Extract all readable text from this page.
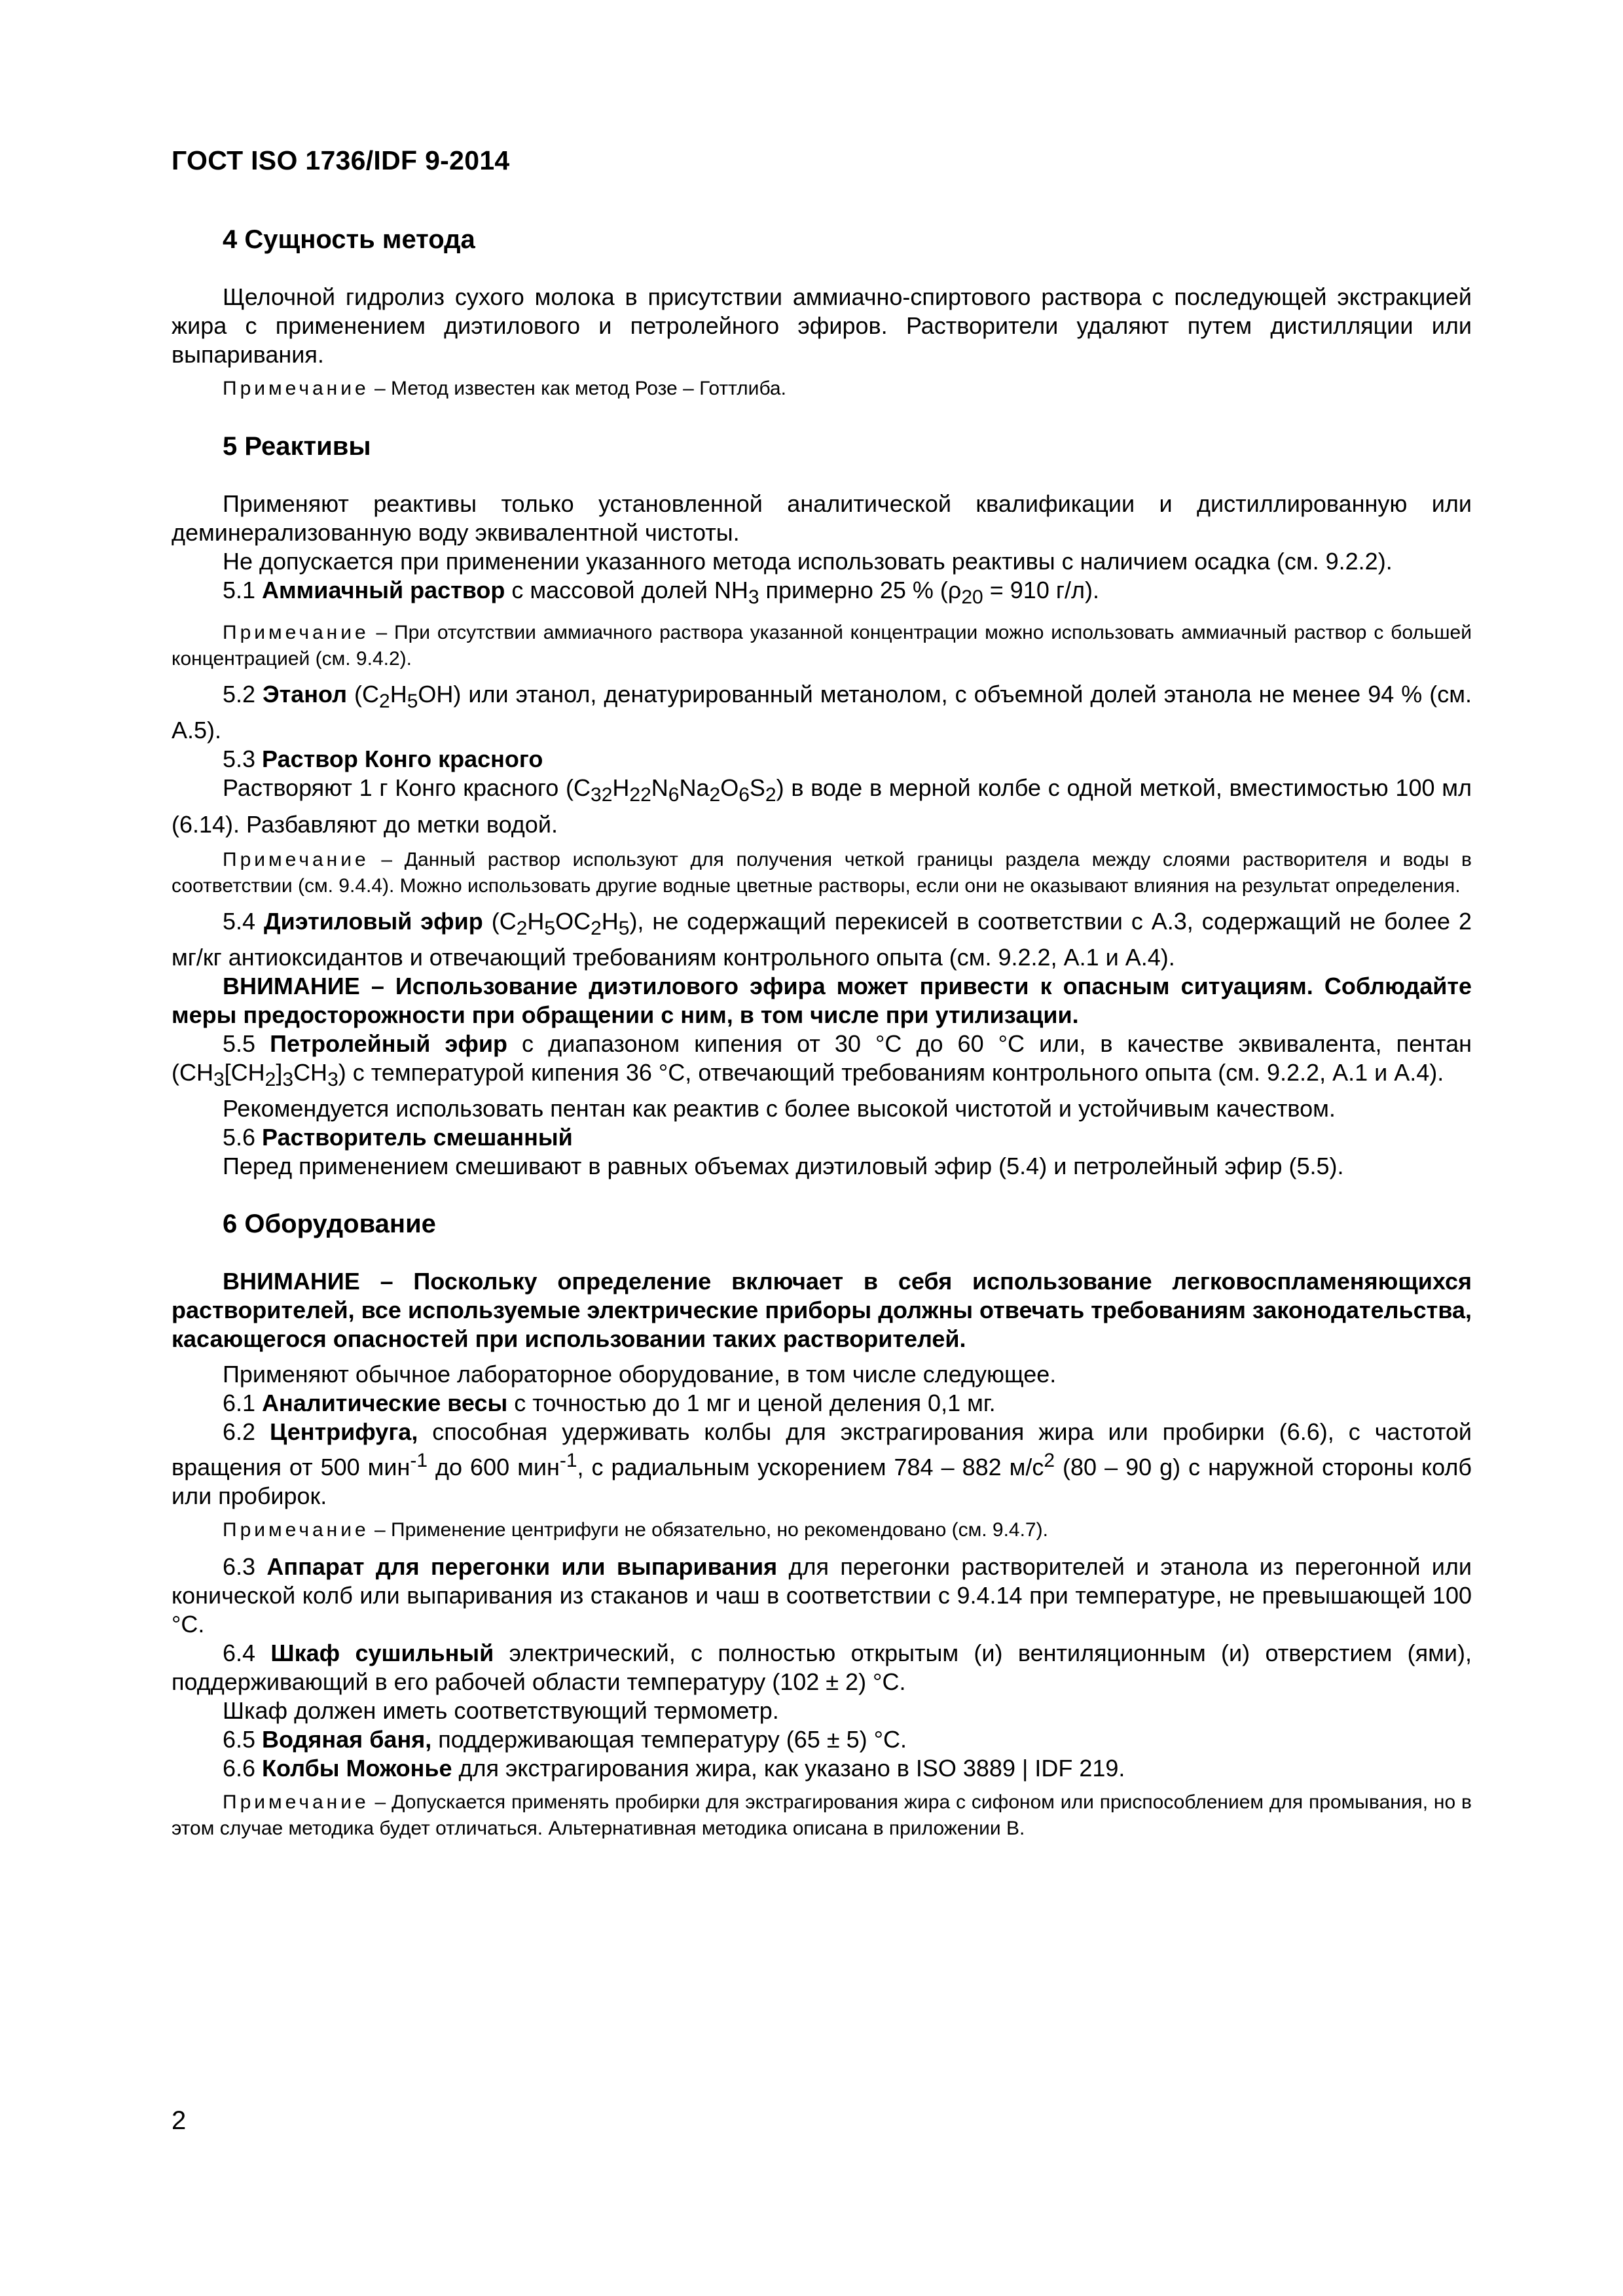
ГОСТ ISO 1736/IDF 9-2014
4 Сущность метода

Щелочной гидролиз сухого молока в присутствии аммиачно-спиртового раствора с последующей экстракцией жира с применением диэтилового и петролейного эфиров. Растворители удаляют путем дистилляции или выпаривания.

Примечание – Метод известен как метод Розе – Готтлиба.

5 Реактивы

Применяют реактивы только установленной аналитической квалификации и дистиллированную или деминерализованную воду эквивалентной чистоты.

Не допускается при применении указанного метода использовать реактивы с наличием осадка (см. 9.2.2).

5.1 Аммиачный раствор с массовой долей $NH_3$ примерно 25 % ($\rho_{20} = 910$ г/л).

Примечание – При отсутствии аммиачного раствора указанной концентрации можно использовать аммиачный раствор с большей концентрацией (см. 9.4.2).

5.2 Этанол $(C_2H_5OH)$ или этанол, денатурированный метанолом, с объемной долей этанола не менее 94 % (см. А.5).

5.3 Раствор Конго красного

Растворяют 1 г Конго красного $(C_{32}H_{22}N_6Na_2O_6S_2)$ в воде в мерной колбе с одной меткой, вместимостью 100 мл (6.14). Разбавляют до метки водой.

Примечание – Данный раствор используют для получения четкой границы раздела между слоями растворителя и воды в соответствии (см. 9.4.4). Можно использовать другие водные цветные растворы, если они не оказывают влияния на результат определения.

5.4 Диэтиловый эфир $(C_2H_5OC_2H_5)$, не содержащий перекисей в соответствии с А.3, содержащий не более 2 мг/кг антиоксидантов и отвечающий требованиям контрольного опыта (см. 9.2.2, А.1 и А.4).

ВНИМАНИЕ – Использование диэтилового эфира может привести к опасным ситуациям. Соблюдайте меры предосторожности при обращении с ним, в том числе при утилизации.

5.5 Петролейный эфир с диапазоном кипения от 30 °C до 60 °C или, в качестве эквивалента, пентан $(CH_3[CH_2]_3CH_3)$ с температурой кипения 36 °C, отвечающий требованиям контрольного опыта (см. 9.2.2, А.1 и А.4).

Рекомендуется использовать пентан как реактив с более высокой чистотой и устойчивым качеством.

5.6 Растворитель смешанный

Перед применением смешивают в равных объемах диэтиловый эфир (5.4) и петролейный эфир (5.5).

6 Оборудование

ВНИМАНИЕ – Поскольку определение включает в себя использование легковоспламеняющихся растворителей, все используемые электрические приборы должны отвечать требованиям законодательства, касающегося опасностей при использовании таких растворителей.

Применяют обычное лабораторное оборудование, в том числе следующее.

6.1 Аналитические весы с точностью до 1 мг и ценой деления 0,1 мг.

6.2 Центрифуга, способная удерживать колбы для экстрагирования жира или пробирки (6.6), с частотой вращения от 500 мин$^{-1}$ до 600 мин$^{-1}$, с радиальным ускорением 784 – 882 $м/с^2$ (80 – 90 g) с наружной стороны колб или пробирок.

Примечание – Применение центрифуги не обязательно, но рекомендовано (см. 9.4.7).

6.3 Аппарат для перегонки или выпаривания для перегонки растворителей и этанола из перегонной или конической колб или выпаривания из стаканов и чаш в соответствии с 9.4.14 при температуре, не превышающей 100 °C.

6.4 Шкаф сушильный электрический, с полностью открытым (и) вентиляционным (и) отверстием (ями), поддерживающий в его рабочей области температуру (102 ± 2) °C.

Шкаф должен иметь соответствующий термометр.

6.5 Водяная баня, поддерживающая температуру (65 ± 5) °C.

6.6 Колбы Можонье для экстрагирования жира, как указано в ISO 3889 | IDF 219.

Примечание – Допускается применять пробирки для экстрагирования жира с сифоном или приспособлением для промывания, но в этом случае методика будет отличаться. Альтернативная методика описана в приложении В.

2
